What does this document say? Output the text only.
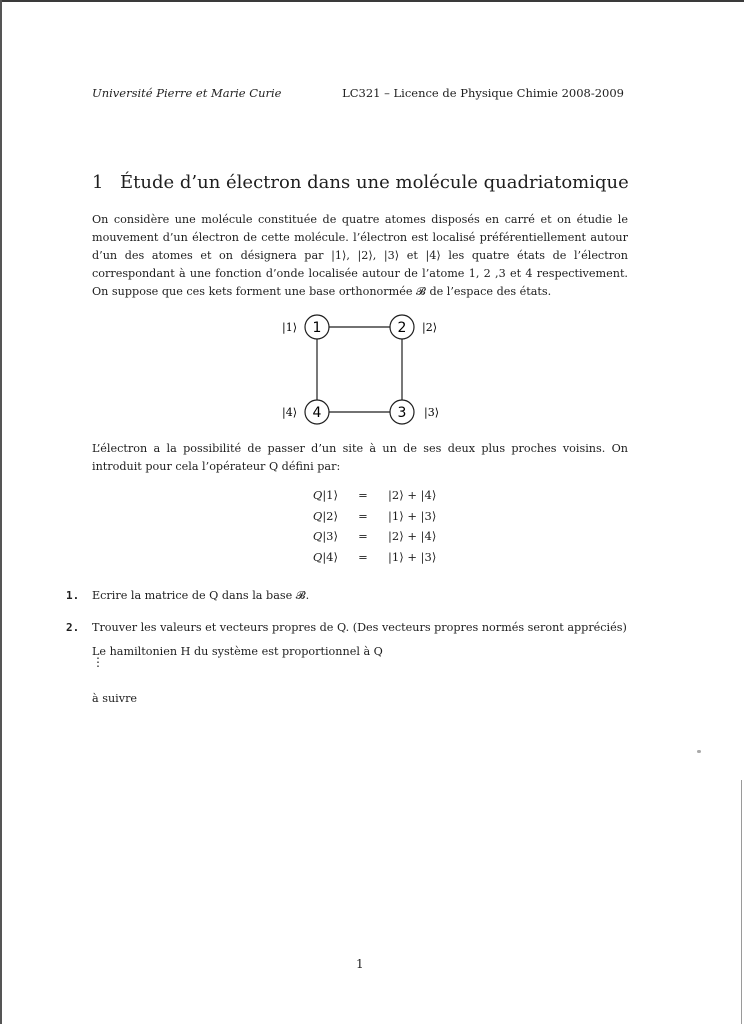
Université Pierre et Marie Curie	LC321 – Licence de Physique Chimie 2008-2009
1 Étude d’un électron dans une molécule quadriatomique
On considère une molécule constituée de quatre atomes disposés en carré et on étudie le mouvement d’un électron de cette molécule. l’électron est localisé préférentiellement autour d’un des atomes et on désignera par |1⟩, |2⟩, |3⟩ et |4⟩ les quatre états de l’électron correspondant à une fonction d’onde localisée autour de l’atome 1, 2 ,3 et 4 respectivement. On suppose que ces kets forment une base orthonormée 𝓑 de l’espace des états.
1	2
3
4
|1⟩	|2⟩
|3⟩
|4⟩
L’électron a la possibilité de passer d’un site à un de ses deux plus proches voisins. On introduit pour cela l’opérateur Q défini par:
Q|1⟩	=	|2⟩ + |4⟩
Q|2⟩	=	|1⟩ + |3⟩
Q|3⟩	=	|2⟩ + |4⟩
Q|4⟩	=	|1⟩ + |3⟩
1.	Ecrire la matrice de Q dans la base 𝓑.
2.	Trouver les valeurs et vecteurs propres de Q. (Des vecteurs propres normés seront appréciés)
Le hamiltonien H du système est proportionnel à Q
⋮
à suivre
1
